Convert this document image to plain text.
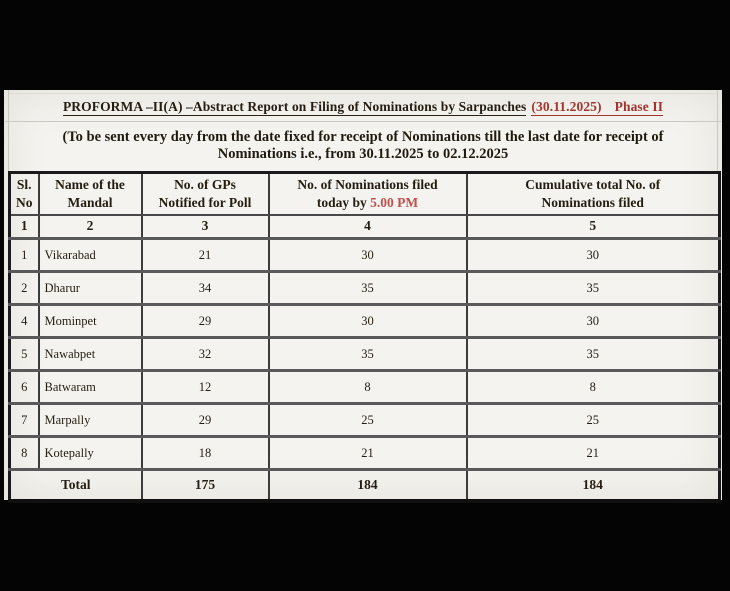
PROFORMA –II(A) –Abstract Report on Filing of Nominations by Sarpanches (30.11.2025) Phase II
(To be sent every day from the date fixed for receipt of Nominations till the last date for receipt of
Nominations i.e., from 30.11.2025 to 02.12.2025
Sl.
No

Name of the
Mandal

No. of GPs
Notified for Poll

No. of Nominations filed
today by 5.00 PM

Cumulative total No. of
Nominations filed

1	2	3	4	5
1	Vikarabad	21	30	30
2	Dharur	34	35	35
4	Mominpet	29	30	30
5	Nawabpet	32	35	35
6	Batwaram	12	8	8
7	Marpally	29	25	25
8	Kotepally	18	21	21
Total		175	184	184
